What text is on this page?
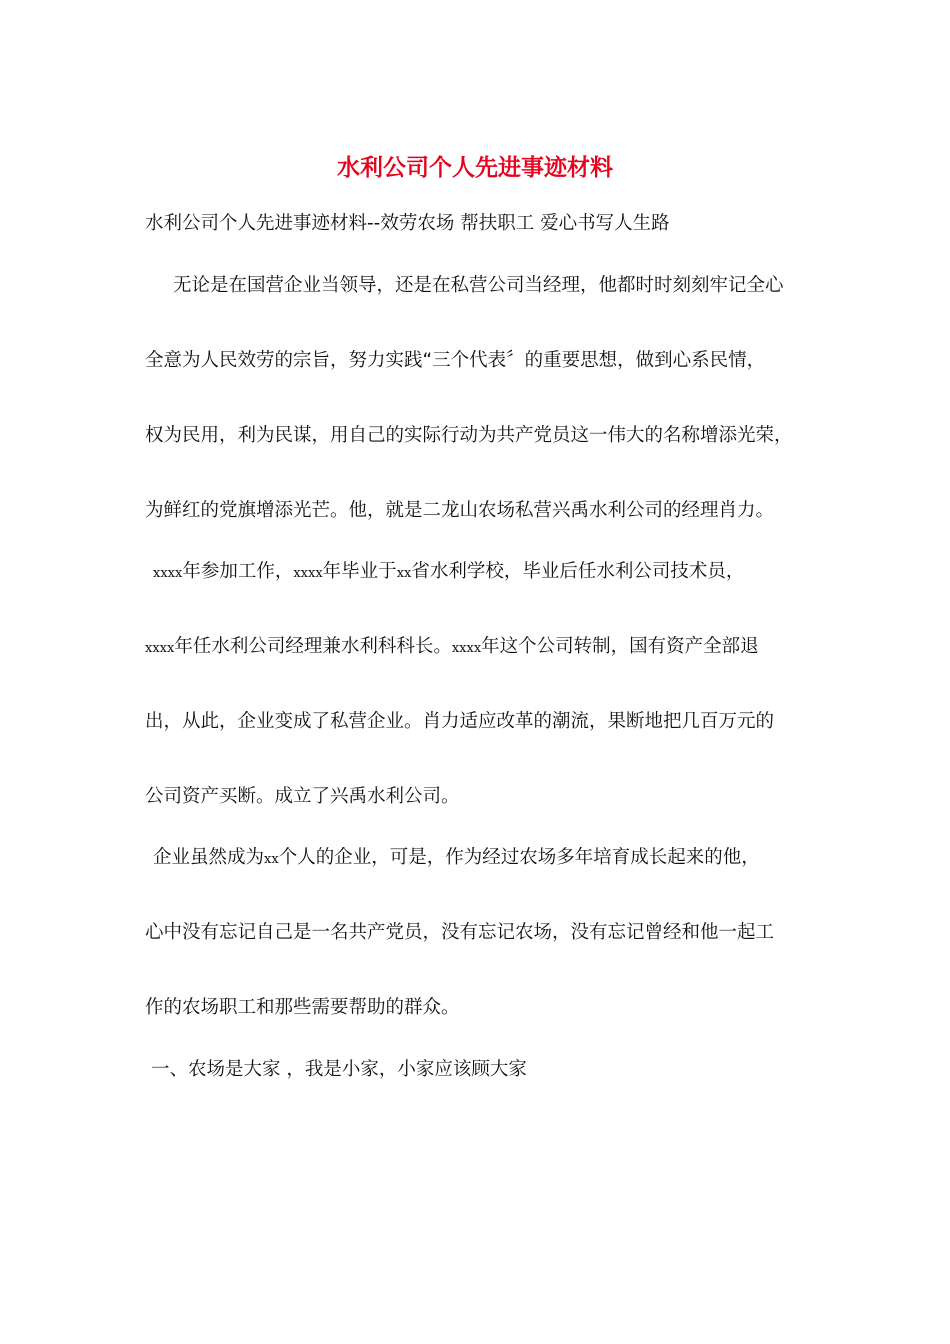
水利公司个人先进事迹材料
水利公司个人先进事迹材料--效劳农场 帮扶职工 爱心书写人生路
无论是在国营企业当领导，还是在私营公司当经理，他都时时刻刻牢记全心
全意为人民效劳的宗旨，努力实践“三个代表〞的重要思想，做到心系民情，
权为民用，利为民谋，用自己的实际行动为共产党员这一伟大的名称增添光荣，
为鲜红的党旗增添光芒。他，就是二龙山农场私营兴禹水利公司的经理肖力。
xxxx年参加工作，xxxx年毕业于xx省水利学校，毕业后任水利公司技术员，
xxxx年任水利公司经理兼水利科科长。xxxx年这个公司转制，国有资产全部退
出，从此，企业变成了私营企业。肖力适应改革的潮流，果断地把几百万元的
公司资产买断。成立了兴禹水利公司。
企业虽然成为xx个人的企业，可是，作为经过农场多年培育成长起来的他，
心中没有忘记自己是一名共产党员，没有忘记农场，没有忘记曾经和他一起工
作的农场职工和那些需要帮助的群众。
一、农场是大家 ，我是小家，小家应该顾大家
